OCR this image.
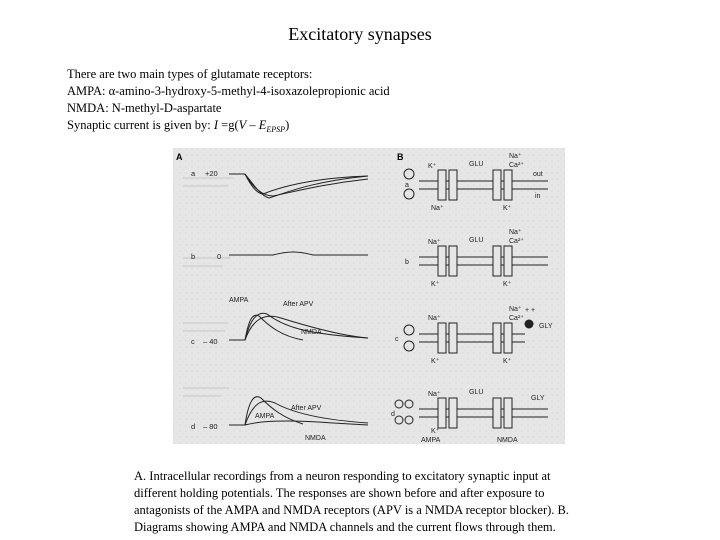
Excitatory synapses
There are two main types of glutamate receptors:
AMPA: α-amino-3-hydroxy-5-methyl-4-isoxazolepropionic acid
NMDA: N-methyl-D-aspartate
Synaptic current is given by: $I =g(V - E_{EPSP})$
A
a +20
b	0
c – 40
d – 80
AMPA
After APV
NMDA
AMPA
After APV
NMDA
B
a
GLU
K⁺
Na⁺
Ca²⁺
Na⁺	K⁺
out
in
b
GLU
Na⁺
Na⁺
Ca²⁺
K⁺	K⁺
c
Na⁺
Na⁺
Ca²⁺
+ +
GLY
K⁺	K⁺
d
GLU
Na⁺
GLY
K⁺
AMPA	NMDA
A. Intracellular recordings from a neuron responding to excitatory synaptic input at
different holding potentials. The responses are shown before and after exposure to
antagonists of the AMPA and NMDA receptors (APV is a NMDA receptor blocker). B.
Diagrams showing AMPA and NMDA channels and the current flows through them.
